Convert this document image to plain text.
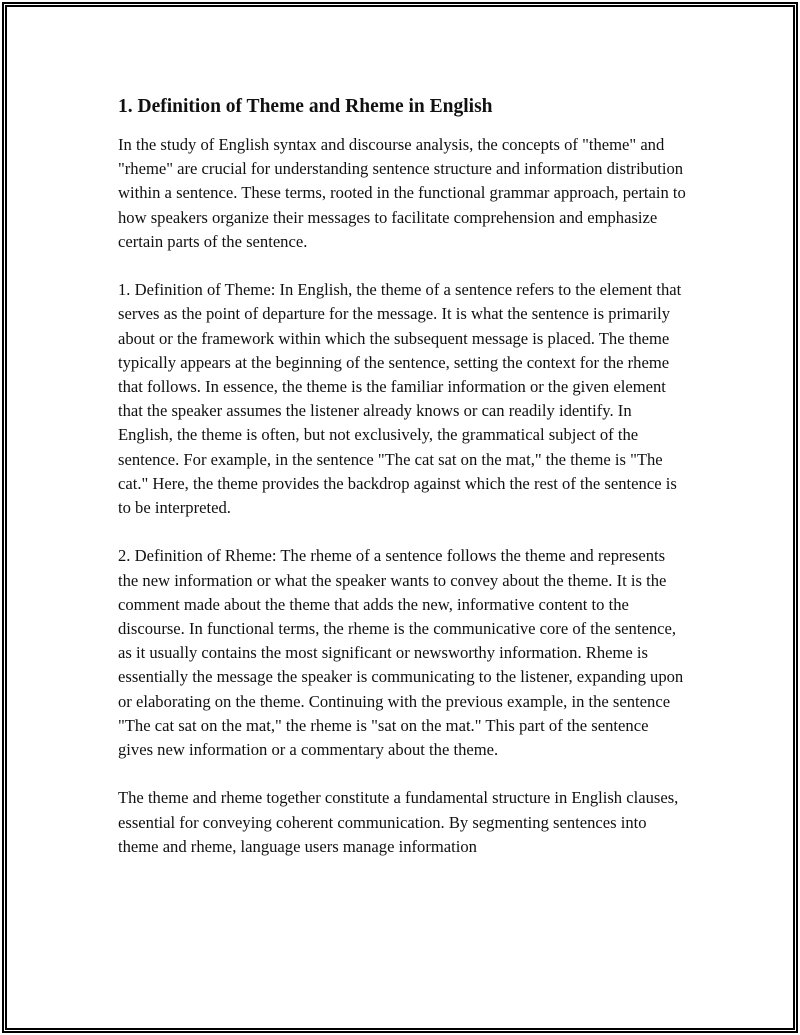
1. Definition of Theme and Rheme in English

In the study of English syntax and discourse analysis, the concepts of "theme" and "rheme" are crucial for understanding sentence structure and information distribution within a sentence. These terms, rooted in the functional grammar approach, pertain to how speakers organize their messages to facilitate comprehension and emphasize certain parts of the sentence.

1. Definition of Theme: In English, the theme of a sentence refers to the element that serves as the point of departure for the message. It is what the sentence is primarily about or the framework within which the subsequent message is placed. The theme typically appears at the beginning of the sentence, setting the context for the rheme that follows. In essence, the theme is the familiar information or the given element that the speaker assumes the listener already knows or can readily identify. In English, the theme is often, but not exclusively, the grammatical subject of the sentence. For example, in the sentence "The cat sat on the mat," the theme is "The cat." Here, the theme provides the backdrop against which the rest of the sentence is to be interpreted.

2. Definition of Rheme: The rheme of a sentence follows the theme and represents the new information or what the speaker wants to convey about the theme. It is the comment made about the theme that adds the new, informative content to the discourse. In functional terms, the rheme is the communicative core of the sentence, as it usually contains the most significant or newsworthy information. Rheme is essentially the message the speaker is communicating to the listener, expanding upon or elaborating on the theme. Continuing with the previous example, in the sentence "The cat sat on the mat," the rheme is "sat on the mat." This part of the sentence gives new information or a commentary about the theme.

The theme and rheme together constitute a fundamental structure in English clauses, essential for conveying coherent communication. By segmenting sentences into theme and rheme, language users manage information
